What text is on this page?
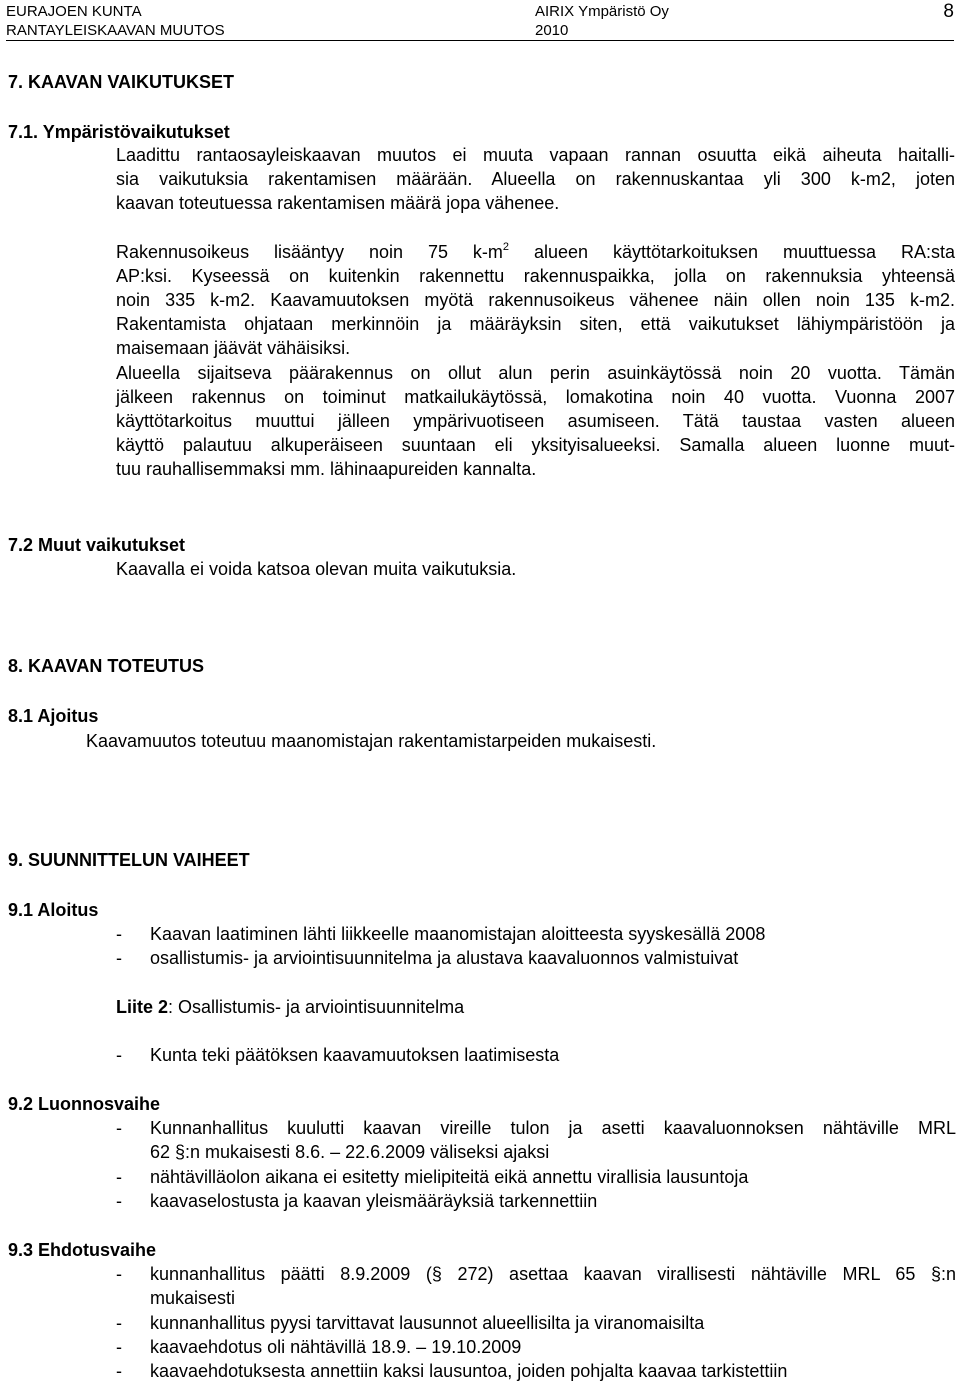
EURAJOEN KUNTA
RANTAYLEISKAAVAN MUUTOS
AIRIX Ympäristö Oy
2010
8
7. KAAVAN VAIKUTUKSET
7.1. Ympäristövaikutukset
Laadittu rantaosayleiskaavan muutos ei muuta vapaan rannan osuutta eikä aiheuta haitalli-
sia vaikutuksia rakentamisen määrään. Alueella on rakennuskantaa yli 300 k-m2, joten
kaavan toteutuessa rakentamisen määrä jopa vähenee.
Rakennusoikeus lisääntyy noin 75 $k-m^2$ alueen käyttötarkoituksen muuttuessa RA:sta
AP:ksi. Kyseessä on kuitenkin rakennettu rakennuspaikka, jolla on rakennuksia yhteensä
noin 335 k-m2. Kaavamuutoksen myötä rakennusoikeus vähenee näin ollen noin 135 k-m2.
Rakentamista ohjataan merkinnöin ja määräyksin siten, että vaikutukset lähiympäristöön ja
maisemaan jäävät vähäisiksi.
Alueella sijaitseva päärakennus on ollut alun perin asuinkäytössä noin 20 vuotta. Tämän
jälkeen rakennus on toiminut matkailukäytössä, lomakotina noin 40 vuotta. Vuonna 2007
käyttötarkoitus muuttui jälleen ympärivuotiseen asumiseen. Tätä taustaa vasten alueen
käyttö palautuu alkuperäiseen suuntaan eli yksityisalueeksi. Samalla alueen luonne muut-
tuu rauhallisemmaksi mm. lähinaapureiden kannalta.
7.2 Muut vaikutukset
Kaavalla ei voida katsoa olevan muita vaikutuksia.
8. KAAVAN TOTEUTUS
8.1 Ajoitus
Kaavamuutos toteutuu maanomistajan rakentamistarpeiden mukaisesti.
9. SUUNNITTELUN VAIHEET
9.1 Aloitus
- Kaavan laatiminen lähti liikkeelle maanomistajan aloitteesta syyskesällä 2008
- osallistumis- ja arviointisuunnitelma ja alustava kaavaluonnos valmistuivat
Liite 2: Osallistumis- ja arviointisuunnitelma
- Kunta teki päätöksen kaavamuutoksen laatimisesta
9.2 Luonnosvaihe
- Kunnanhallitus kuulutti kaavan vireille tulon ja asetti kaavaluonnoksen nähtäville MRL
62 §:n mukaisesti 8.6. – 22.6.2009 väliseksi ajaksi
- nähtävilläolon aikana ei esitetty mielipiteitä eikä annettu virallisia lausuntoja
- kaavaselostusta ja kaavan yleismääräyksiä tarkennettiin
9.3 Ehdotusvaihe
- kunnanhallitus päätti 8.9.2009 (§ 272) asettaa kaavan virallisesti nähtäville MRL 65 §:n
mukaisesti
- kunnanhallitus pyysi tarvittavat lausunnot alueellisilta ja viranomaisilta
- kaavaehdotus oli nähtävillä 18.9. – 19.10.2009
- kaavaehdotuksesta annettiin kaksi lausuntoa, joiden pohjalta kaavaa tarkistettiin
